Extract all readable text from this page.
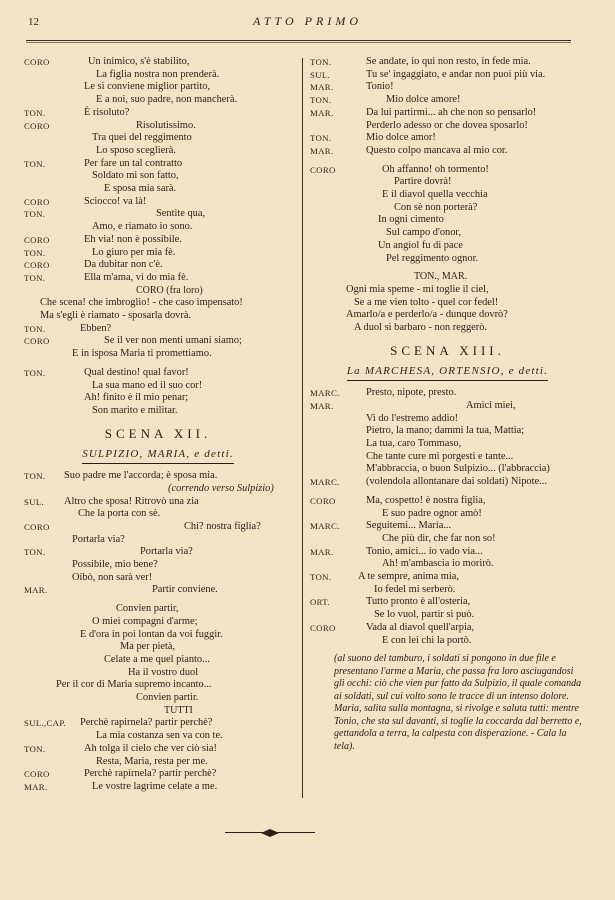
12	ATTO PRIMO
CORO	Un inimico, s'è stabilito,
La figlia nostra non prenderà.
Le si conviene miglior partito,
E a noi, suo padre, non mancherà.
TON.	È risoluto?
CORO	Risolutissimo.
Tra quei del reggimento
Lo sposo sceglierà.
TON.	Per fare un tal contratto
Soldato mi son fatto,
E sposa mia sarà.
CORO	Sciocco! va là!
TON.	Sentite qua,
Amo, e riamato io sono.
CORO	Eh via! non è possibile.
TON.	Lo giuro per mia fè.
CORO	Da dubitar non c'è.
TON.	Ella m'ama, vi do mia fè.
CORO (fra loro)
Che scena! che imbroglio! - che caso impensato!
Ma s'egli è riamato - sposarla dovrà.
TON.	Ebben?
CORO	Se il ver non menti umani siamo;
E in isposa Maria ti promettiamo.
TON.	Qual destino! qual favor!
La sua mano ed il suo cor!
Ah! finito è il mio penar;
Son marito e militar.
SCENA XII.
SULPIZIO, MARIA, e detti.
TON.	Suo padre me l'accorda; è sposa mia.
(correndo verso Sulpizio)
SUL.	Altro che sposa! Ritrovò una zia
Che la porta con sè.
CORO	Chi? nostra figlia?
Portarla via?
TON.	Portarla via?
Possibile, mio bene?
Oibò, non sarà ver!
MAR.	Partir conviene.
Convien partir,
O miei compagni d'arme;
E d'ora in poi lontan da voi fuggir.
Ma per pietà,
Celate a me quel pianto...
Ha il vostro duol
Per il cor di Maria supremo incanto...
Convien partir.
TUTTI
SUL.,CAP.	Perchè rapirnela? partir perchè?
La mia costanza sen va con te.
TON.	Ah tolga il cielo che ver ciò sia!
Resta, Maria, resta per me.
CORO	Perchè rapirnela? partir perchè?
MAR.	Le vostre lagrime celate a me.
TON.	Se andate, io qui non resto, in fede mia.
SUL.	Tu se' ingaggiato, e andar non puoi più via.
MAR.	Tonio!
TON.	Mio dolce amore!
MAR.	Da lui partirmi... ah che non so pensarlo!
Perderlo adesso or che dovea sposarlo!
TON.	Mio dolce amor!
MAR.	Questo colpo mancava al mio cor.
CORO	Oh affanno! oh tormento!
Partire dovrà!
E il diavol quella vecchia
Con sè non porterà?
In ogni cimento
Sul campo d'onor,
Un angiol fu di pace
Pel reggimento ognor.
TON., MAR.
Ogni mia speme - mi toglie il ciel,
Se a me vien tolto - quel cor fedel!
Amarlo/a e perderlo/a - dunque dovrò?
A duol sì barbaro - non reggerò.
SCENA XIII.
La MARCHESA, ORTENSIO, e detti.
MARC.	Presto, nipote, presto.
MAR.	Amici miei,
Vi do l'estremo addio!
Pietro, la mano; dammi la tua, Mattia;
La tua, caro Tommaso,
Che tante cure mi porgesti e tante...
M'abbraccia, o buon Sulpizio... (l'abbraccia)
MARC.	(volendola allontanare dai soldati) Nipote...
CORO	Ma, cospetto! è nostra figlia,
E suo padre ognor amò!
MARC.	Seguitemi... Maria...
Che più dir, che far non so!
MAR.	Tonio, amici... io vado via...
Ah! m'ambascia io morirò.
TON.	A te sempre, anima mia,
Io fedel mi serberò.
ORT.	Tutto pronto è all'osteria,
Se lo vuol, partir si può.
CORO	Vada al diavol quell'arpia,
E con lei chi la portò.
(al suono del tamburo, i soldati si pongono in due file e presentano l'arme a Maria, che passa fra loro asciugandosi gli occhi: ciò che vien pur fatto da Sulpizio, il quale comanda ai soldati, sul cui volto sono le tracce di un intenso dolore. Maria, salita sulla montagna, si rivolge e saluta tutti: mentre Tonio, che sta sul davanti, si toglie la coccarda dal berretto e, gettandola a terra, la calpesta con disperazione. - Cala la tela).
